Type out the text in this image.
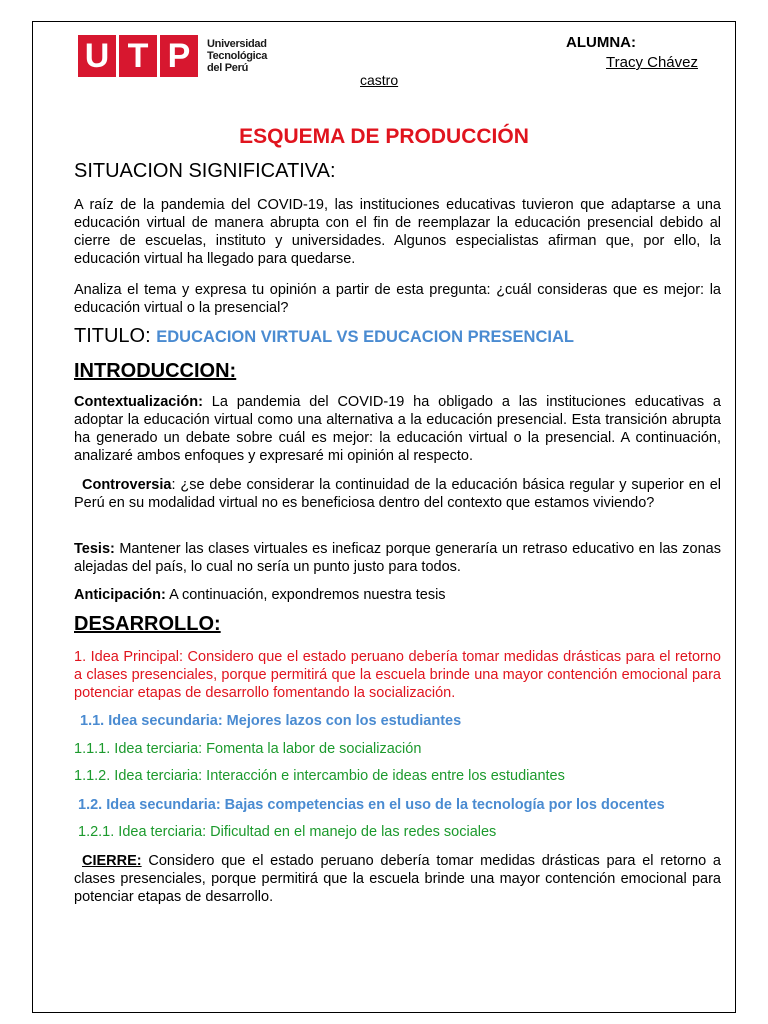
U T P	Universidad
Tecnológica
del Perú
ALUMNA:
Tracy Chávez
castro
ESQUEMA DE PRODUCCIÓN
SITUACION SIGNIFICATIVA:
A raíz de la pandemia del COVID-19, las instituciones educativas tuvieron que adaptarse a una educación virtual de manera abrupta con el fin de reemplazar la educación presencial debido al cierre de escuelas, instituto y universidades. Algunos especialistas afirman que, por ello, la educación virtual ha llegado para quedarse.
Analiza el tema y expresa tu opinión a partir de esta pregunta: ¿cuál consideras que es mejor: la educación virtual o la presencial?
TITULO: EDUCACION VIRTUAL VS EDUCACION PRESENCIAL
INTRODUCCION:
Contextualización: La pandemia del COVID-19 ha obligado a las instituciones educativas a adoptar la educación virtual como una alternativa a la educación presencial. Esta transición abrupta ha generado un debate sobre cuál es mejor: la educación virtual o la presencial. A continuación, analizaré ambos enfoques y expresaré mi opinión al respecto.
Controversia: ¿se debe considerar la continuidad de la educación básica regular y superior en el Perú en su modalidad virtual no es beneficiosa dentro del contexto que estamos viviendo?
Tesis: Mantener las clases virtuales es ineficaz porque generaría un retraso educativo en las zonas alejadas del país, lo cual no sería un punto justo para todos.
Anticipación: A continuación, expondremos nuestra tesis
DESARROLLO:
1. Idea Principal: Considero que el estado peruano debería tomar medidas drásticas para el retorno a clases presenciales, porque permitirá que la escuela brinde una mayor contención emocional para potenciar etapas de desarrollo fomentando la socialización.
1.1. Idea secundaria: Mejores lazos con los estudiantes
1.1.1. Idea terciaria: Fomenta la labor de socialización
1.1.2. Idea terciaria: Interacción e intercambio de ideas entre los estudiantes
1.2. Idea secundaria: Bajas competencias en el uso de la tecnología por los docentes
1.2.1. Idea terciaria: Dificultad en el manejo de las redes sociales
CIERRE: Considero que el estado peruano debería tomar medidas drásticas para el retorno a clases presenciales, porque permitirá que la escuela brinde una mayor contención emocional para potenciar etapas de desarrollo.
